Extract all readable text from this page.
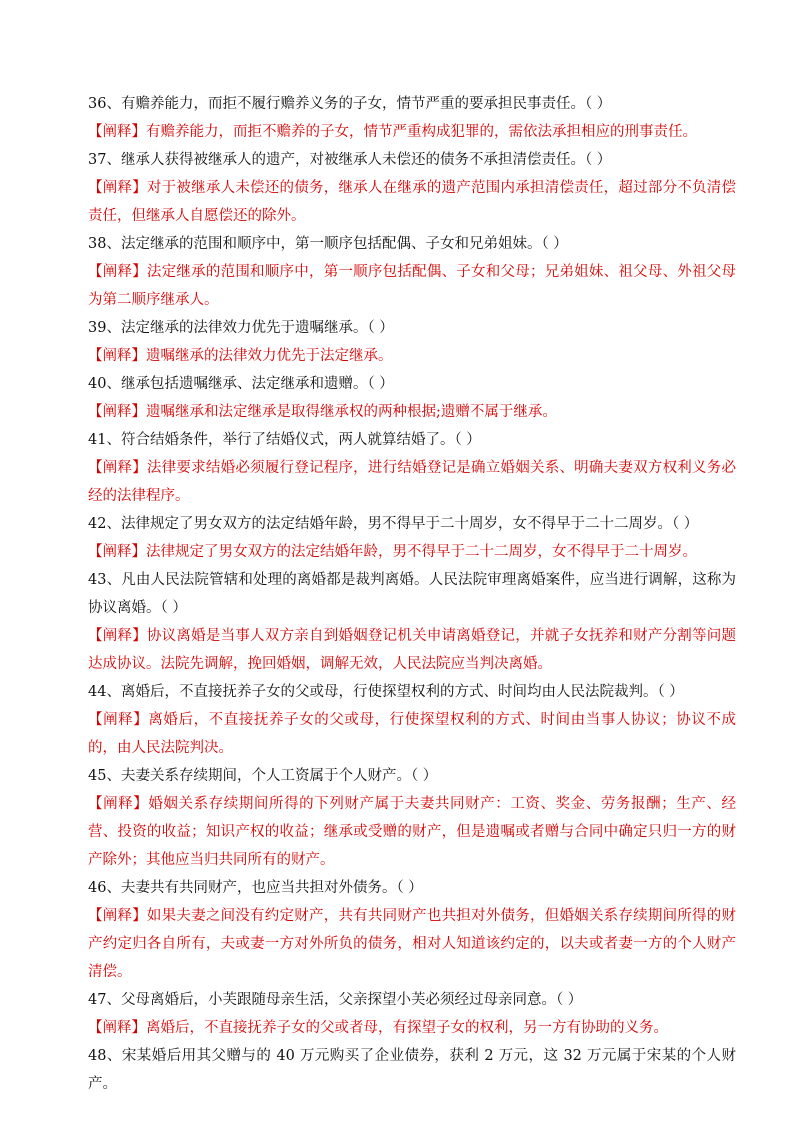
36、有赡养能力，而拒不履行赡养义务的子女，情节严重的要承担民事责任。（ ）

【阐释】有赡养能力，而拒不赡养的子女，情节严重构成犯罪的，需依法承担相应的刑事责任。

37、继承人获得被继承人的遗产，对被继承人未偿还的债务不承担清偿责任。（ ）

【阐释】对于被继承人未偿还的债务，继承人在继承的遗产范围内承担清偿责任，超过部分不负清偿责任，但继承人自愿偿还的除外。

38、法定继承的范围和顺序中，第一顺序包括配偶、子女和兄弟姐妹。（ ）

【阐释】法定继承的范围和顺序中，第一顺序包括配偶、子女和父母；兄弟姐妹、祖父母、外祖父母为第二顺序继承人。

39、法定继承的法律效力优先于遗嘱继承。（ ）

【阐释】遗嘱继承的法律效力优先于法定继承。

40、继承包括遗嘱继承、法定继承和遗赠。（ ）

【阐释】遗嘱继承和法定继承是取得继承权的两种根据;遗赠不属于继承。

41、符合结婚条件，举行了结婚仪式，两人就算结婚了。（ ）

【阐释】法律要求结婚必须履行登记程序，进行结婚登记是确立婚姻关系、明确夫妻双方权利义务必经的法律程序。

42、法律规定了男女双方的法定结婚年龄，男不得早于二十周岁，女不得早于二十二周岁。（ ）

【阐释】法律规定了男女双方的法定结婚年龄，男不得早于二十二周岁，女不得早于二十周岁。

43、凡由人民法院管辖和处理的离婚都是裁判离婚。人民法院审理离婚案件，应当进行调解，这称为协议离婚。（ ）

【阐释】协议离婚是当事人双方亲自到婚姻登记机关申请离婚登记，并就子女抚养和财产分割等问题达成协议。法院先调解，挽回婚姻，调解无效，人民法院应当判决离婚。

44、离婚后，不直接抚养子女的父或母，行使探望权利的方式、时间均由人民法院裁判。（ ）

【阐释】离婚后，不直接抚养子女的父或母，行使探望权利的方式、时间由当事人协议；协议不成的，由人民法院判决。

45、夫妻关系存续期间，个人工资属于个人财产。（ ）

【阐释】婚姻关系存续期间所得的下列财产属于夫妻共同财产：工资、奖金、劳务报酬；生产、经营、投资的收益；知识产权的收益；继承或受赠的财产，但是遗嘱或者赠与合同中确定只归一方的财产除外；其他应当归共同所有的财产。

46、夫妻共有共同财产，也应当共担对外债务。（ ）

【阐释】如果夫妻之间没有约定财产，共有共同财产也共担对外债务，但婚姻关系存续期间所得的财产约定归各自所有，夫或妻一方对外所负的债务，相对人知道该约定的，以夫或者妻一方的个人财产清偿。

47、父母离婚后，小芙跟随母亲生活，父亲探望小芙必须经过母亲同意。（ ）

【阐释】离婚后，不直接抚养子女的父或者母，有探望子女的权利，另一方有协助的义务。

48、宋某婚后用其父赠与的 40 万元购买了企业债券，获利 2 万元，这 32 万元属于宋某的个人财产。
